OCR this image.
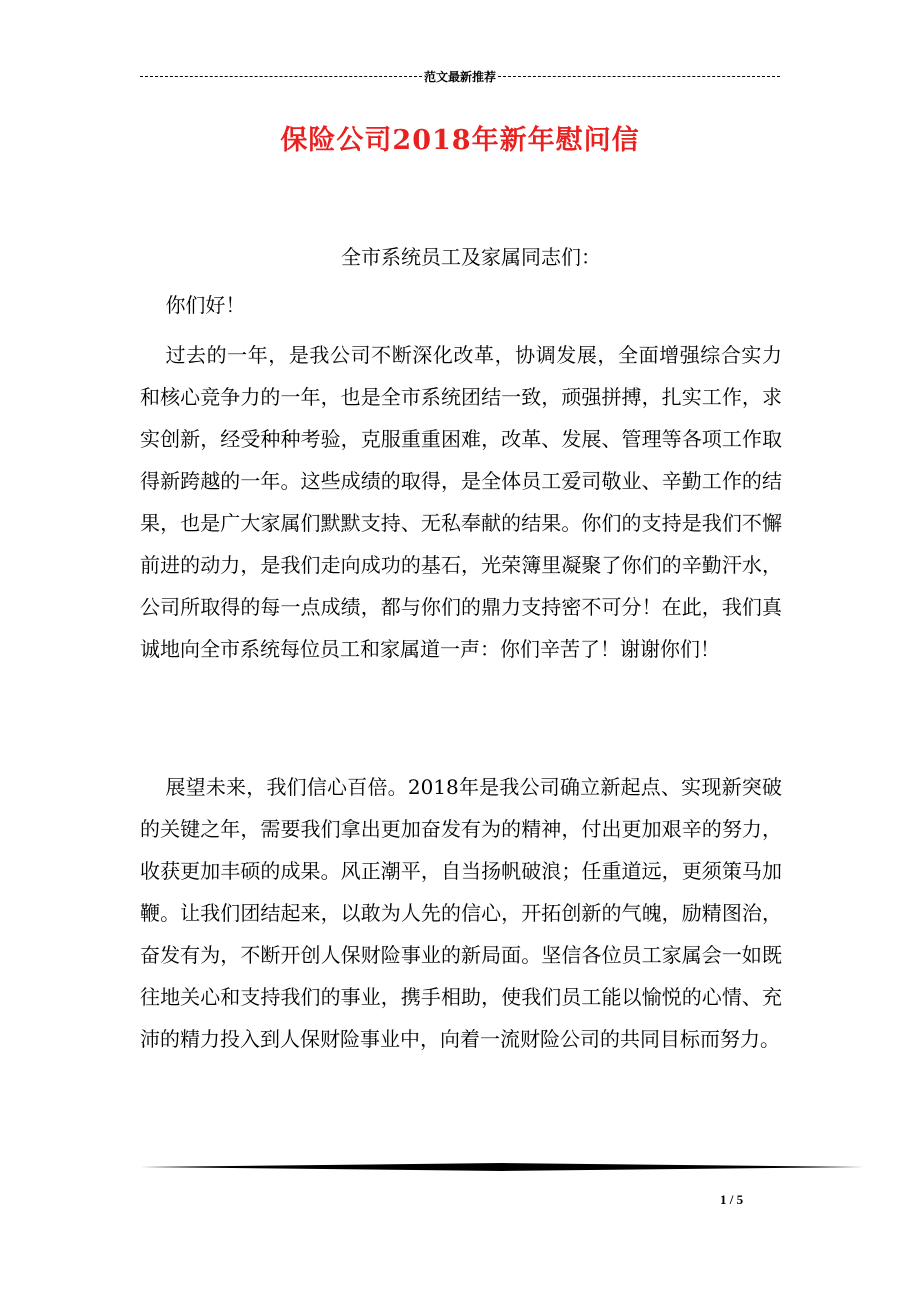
范文最新推荐
保险公司2018年新年慰问信
全市系统员工及家属同志们：
你们好！
过去的一年，是我公司不断深化改革，协调发展，全面增强综合实力和核心竞争力的一年，也是全市系统团结一致，顽强拼搏，扎实工作，求实创新，经受种种考验，克服重重困难，改革、发展、管理等各项工作取得新跨越的一年。这些成绩的取得，是全体员工爱司敬业、辛勤工作的结果，也是广大家属们默默支持、无私奉献的结果。你们的支持是我们不懈前进的动力，是我们走向成功的基石，光荣簿里凝聚了你们的辛勤汗水，公司所取得的每一点成绩，都与你们的鼎力支持密不可分！在此，我们真诚地向全市系统每位员工和家属道一声：你们辛苦了！谢谢你们！
展望未来，我们信心百倍。2018年是我公司确立新起点、实现新突破的关键之年，需要我们拿出更加奋发有为的精神，付出更加艰辛的努力，收获更加丰硕的成果。风正潮平，自当扬帆破浪；任重道远，更须策马加鞭。让我们团结起来，以敢为人先的信心，开拓创新的气魄，励精图治，奋发有为，不断开创人保财险事业的新局面。坚信各位员工家属会一如既往地关心和支持我们的事业，携手相助，使我们员工能以愉悦的心情、充沛的精力投入到人保财险事业中，向着一流财险公司的共同目标而努力。
1 / 5
